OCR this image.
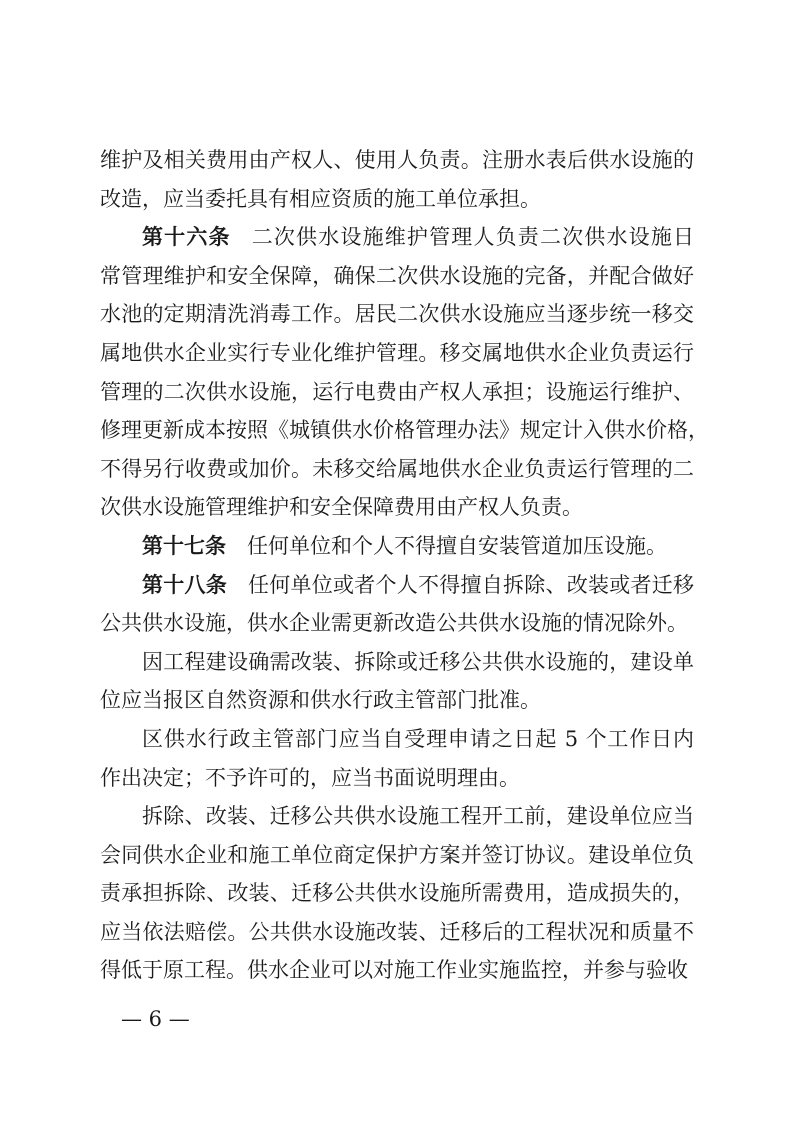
维护及相关费用由产权人、使用人负责。注册水表后供水设施的
改造，应当委托具有相应资质的施工单位承担。
第十六条 二次供水设施维护管理人负责二次供水设施日
常管理维护和安全保障，确保二次供水设施的完备，并配合做好
水池的定期清洗消毒工作。居民二次供水设施应当逐步统一移交
属地供水企业实行专业化维护管理。移交属地供水企业负责运行
管理的二次供水设施，运行电费由产权人承担；设施运行维护、
修理更新成本按照《城镇供水价格管理办法》规定计入供水价格，
不得另行收费或加价。未移交给属地供水企业负责运行管理的二
次供水设施管理维护和安全保障费用由产权人负责。
第十七条 任何单位和个人不得擅自安装管道加压设施。
第十八条 任何单位或者个人不得擅自拆除、改装或者迁移
公共供水设施，供水企业需更新改造公共供水设施的情况除外。
因工程建设确需改装、拆除或迁移公共供水设施的，建设单
位应当报区自然资源和供水行政主管部门批准。
区供水行政主管部门应当自受理申请之日起 5 个工作日内
作出决定；不予许可的，应当书面说明理由。
拆除、改装、迁移公共供水设施工程开工前，建设单位应当
会同供水企业和施工单位商定保护方案并签订协议。建设单位负
责承担拆除、改装、迁移公共供水设施所需费用，造成损失的，
应当依法赔偿。公共供水设施改装、迁移后的工程状况和质量不
得低于原工程。供水企业可以对施工作业实施监控，并参与验收
— 6 —
